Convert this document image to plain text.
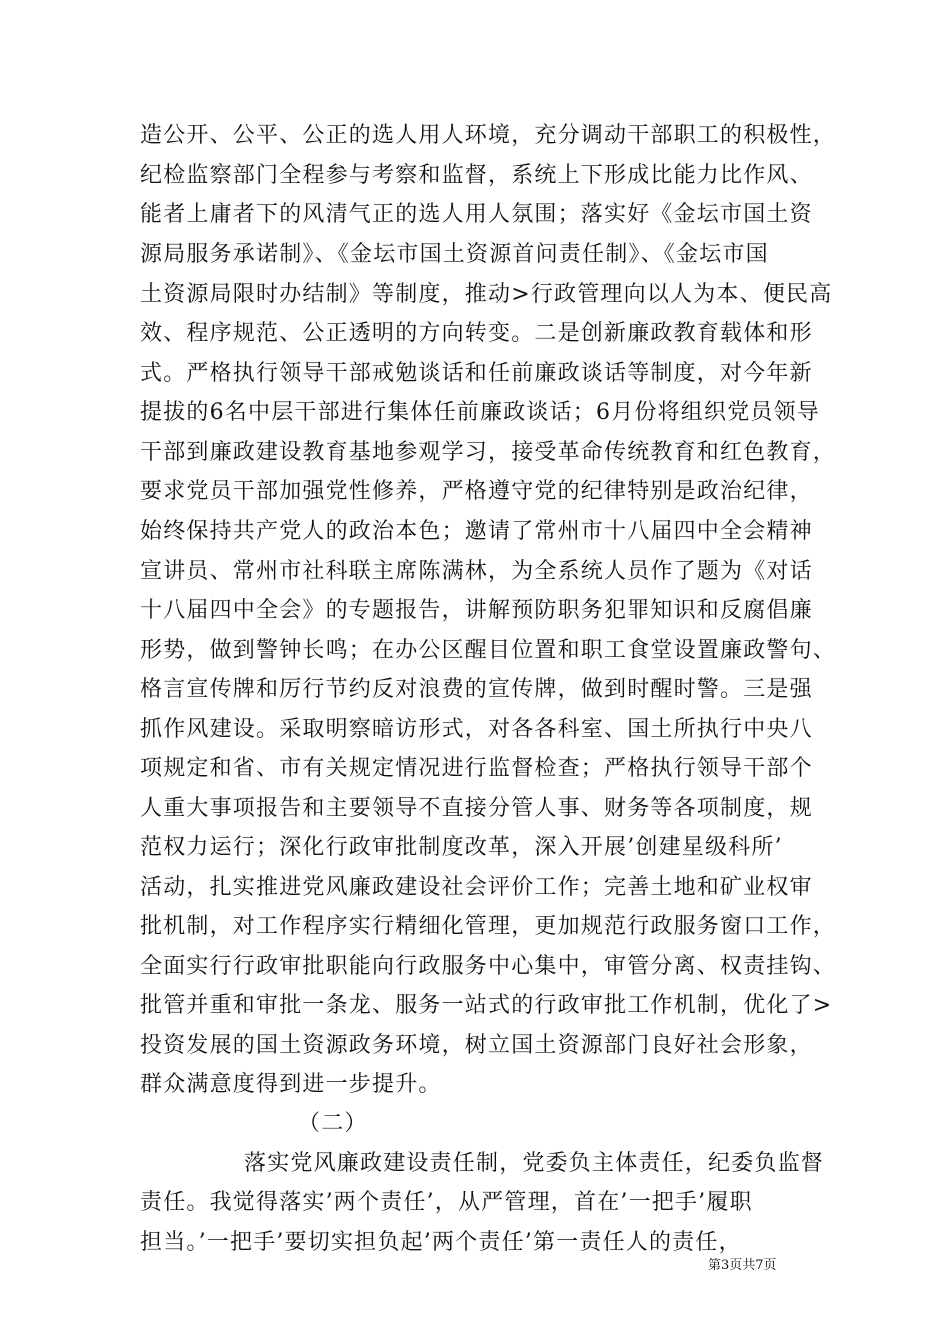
造公开、公平、公正的选人用人环境，充分调动干部职工的积极性，
纪检监察部门全程参与考察和监督，系统上下形成比能力比作风、
能者上庸者下的风清气正的选人用人氛围；落实好《金坛市国土资
源局服务承诺制》、《金坛市国土资源首问责任制》、《金坛市国
土资源局限时办结制》等制度，推动>行政管理向以人为本、便民高
效、程序规范、公正透明的方向转变。二是创新廉政教育载体和形
式。严格执行领导干部戒勉谈话和任前廉政谈话等制度，对今年新
提拔的6名中层干部进行集体任前廉政谈话；6月份将组织党员领导
干部到廉政建设教育基地参观学习，接受革命传统教育和红色教育，
要求党员干部加强党性修养，严格遵守党的纪律特别是政治纪律，
始终保持共产党人的政治本色；邀请了常州市十八届四中全会精神
宣讲员、常州市社科联主席陈满林，为全系统人员作了题为《对话
十八届四中全会》的专题报告，讲解预防职务犯罪知识和反腐倡廉
形势，做到警钟长鸣；在办公区醒目位置和职工食堂设置廉政警句、
格言宣传牌和厉行节约反对浪费的宣传牌，做到时醒时警。三是强
抓作风建设。采取明察暗访形式，对各各科室、国土所执行中央八
项规定和省、市有关规定情况进行监督检查；严格执行领导干部个
人重大事项报告和主要领导不直接分管人事、财务等各项制度，规
范权力运行；深化行政审批制度改革，深入开展’创建星级科所’
活动，扎实推进党风廉政建设社会评价工作；完善土地和矿业权审
批机制，对工作程序实行精细化管理，更加规范行政服务窗口工作，
全面实行行政审批职能向行政服务中心集中，审管分离、权责挂钩、
批管并重和审批一条龙、服务一站式的行政审批工作机制，优化了>
投资发展的国土资源政务环境，树立国土资源部门良好社会形象，
群众满意度得到进一步提升。
（二）
落实党风廉政建设责任制，党委负主体责任，纪委负监督
责任。我觉得落实’两个责任’，从严管理，首在’一把手’履职
担当。’一把手’要切实担负起’两个责任’第一责任人的责任，
第3页共7页
